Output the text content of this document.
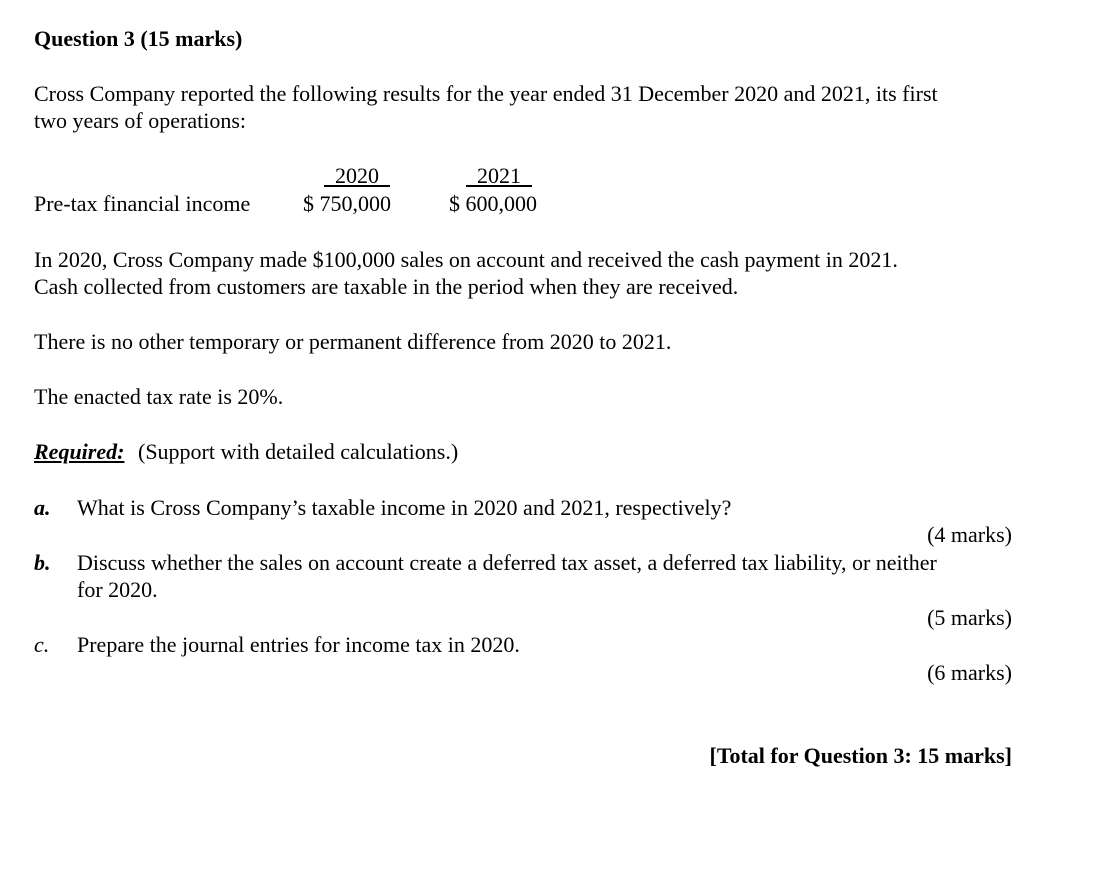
Question 3 (15 marks)
Cross Company reported the following results for the year ended 31 December 2020 and 2021, its first
two years of operations:
2020	2021
Pre-tax financial income $ 750,000	$ 600,000
In 2020, Cross Company made $100,000 sales on account and received the cash payment in 2021.
Cash collected from customers are taxable in the period when they are received.
There is no other temporary or permanent difference from 2020 to 2021.
The enacted tax rate is 20%.
Required: (Support with detailed calculations.)
a. What is Cross Company’s taxable income in 2020 and 2021, respectively?
(4 marks)
b. Discuss whether the sales on account create a deferred tax asset, a deferred tax liability, or neither
for 2020.
(5 marks)
c. Prepare the journal entries for income tax in 2020.
(6 marks)
[Total for Question 3: 15 marks]
